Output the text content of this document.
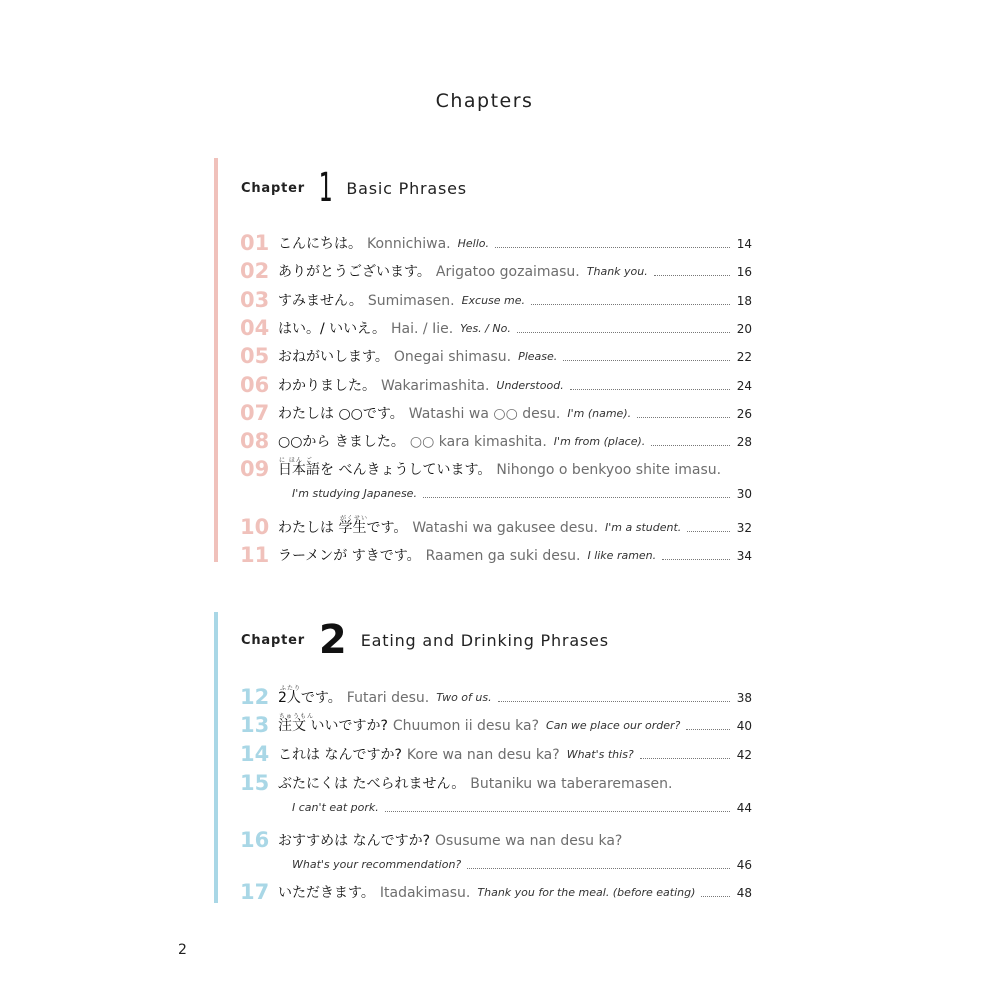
Chapters
Chapter 1 Basic Phrases
01 こんにちは。 Konnichiwa. Hello.	14
02 ありがとうございます。 Arigatoo gozaimasu. Thank you.	16
03 すみません。 Sumimasen. Excuse me.	18
04 はい。/ いいえ。 Hai. / Iie. Yes. / No.	20
05 おねがいします。 Onegai shimasu. Please.	22
06 わかりました。 Wakarimashita. Understood.	24
07 わたしは ○○です。 Watashi wa ○○ desu. I'm (name).	26
08 ○○から きました。 ○○ kara kimashita. I'm from (place).	28
09	に ほん ご
日本語を べんきょうしています。 Nihongo o benkyoo shite imasu.
I'm studying Japanese.	30
10	がくせい
わたしは 学生です。 Watashi wa gakusee desu. I'm a student.	32
11 ラーメンが すきです。 Raamen ga suki desu. I like ramen.	34
Chapter 2 Eating and Drinking Phrases
12	ふたり
2人です。 Futari desu. Two of us.	38
13	ちゅうもん
注文 いいですか? Chuumon ii desu ka? Can we place our order?	40
14 これは なんですか? Kore wa nan desu ka? What's this?	42
15 ぶたにくは たべられません。 Butaniku wa taberaremasen.
I can't eat pork.	44
16 おすすめは なんですか? Osusume wa nan desu ka?
What's your recommendation?	46
17 いただきます。 Itadakimasu. Thank you for the meal. (before eating)	48
2
